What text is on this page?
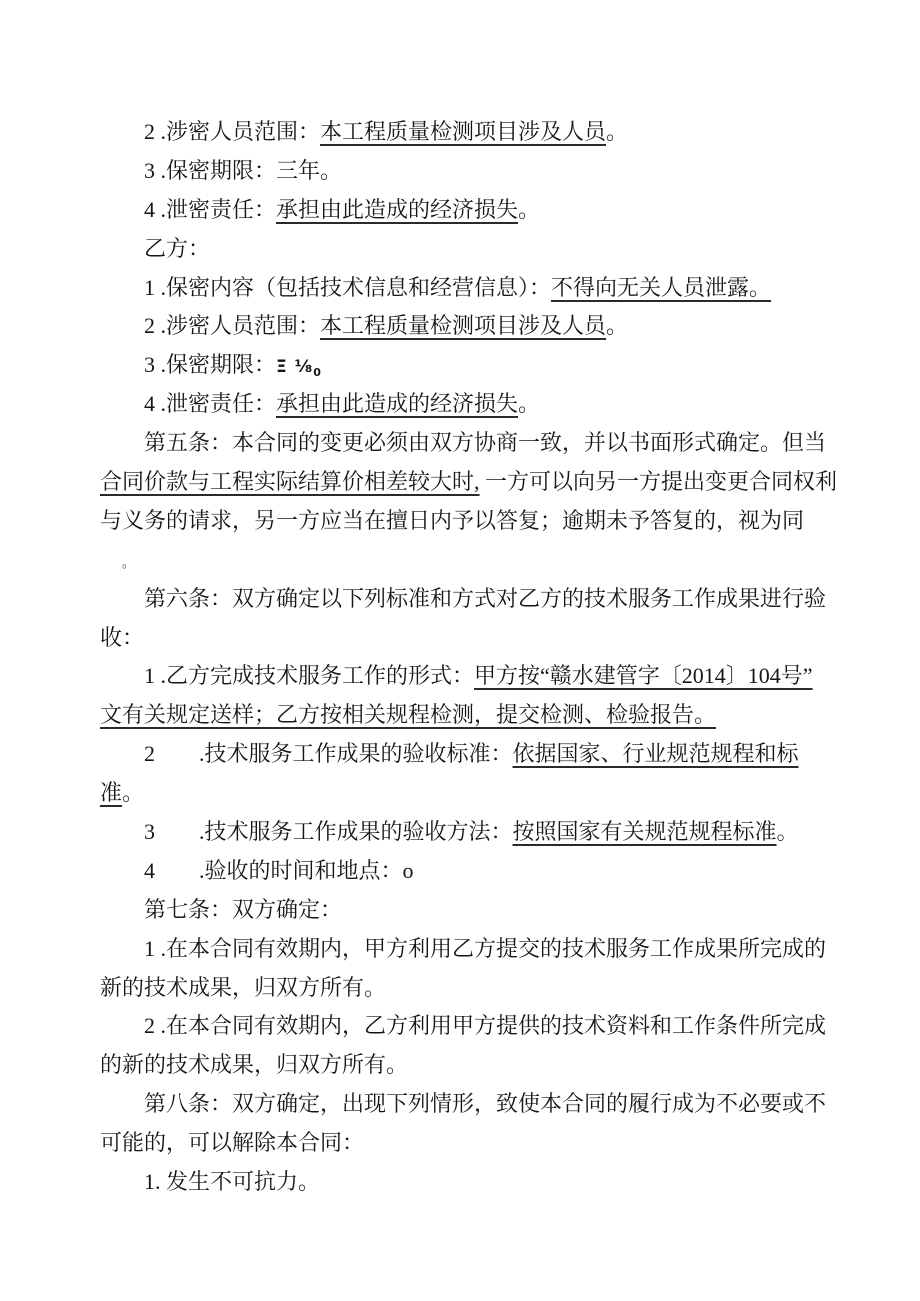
2 .涉密人员范围：本工程质量检测项目涉及人员。
3 .保密期限：三年。
4 .泄密责任：承担由此造成的经济损失。
乙方：
1 .保密内容（包括技术信息和经营信息）：不得向无关人员泄露。
2 .涉密人员范围：本工程质量检测项目涉及人员。
3 .保密期限：Ξ ⅛0
4 .泄密责任：承担由此造成的经济损失。
第五条：本合同的变更必须由双方协商一致，并以书面形式确定。但当
合同价款与工程实际结算价相差较大时, 一方可以向另一方提出变更合同权利
与义务的请求，另一方应当在擅日内予以答复；逾期未予答复的，视为同
。
第六条：双方确定以下列标准和方式对乙方的技术服务工作成果进行验
收：
1 .乙方完成技术服务工作的形式：甲方按“赣水建管字〔2014〕104号”
文有关规定送样；乙方按相关规程检测，提交检测、检验报告。
2　　.技术服务工作成果的验收标准：依据国家、行业规范规程和标
准。
3　　.技术服务工作成果的验收方法：按照国家有关规范规程标准。
4　　.验收的时间和地点：o
第七条：双方确定：
1 .在本合同有效期内，甲方利用乙方提交的技术服务工作成果所完成的
新的技术成果，归双方所有。
2 .在本合同有效期内，乙方利用甲方提供的技术资料和工作条件所完成
的新的技术成果，归双方所有。
第八条：双方确定，出现下列情形，致使本合同的履行成为不必要或不
可能的，可以解除本合同：
1. 发生不可抗力。
